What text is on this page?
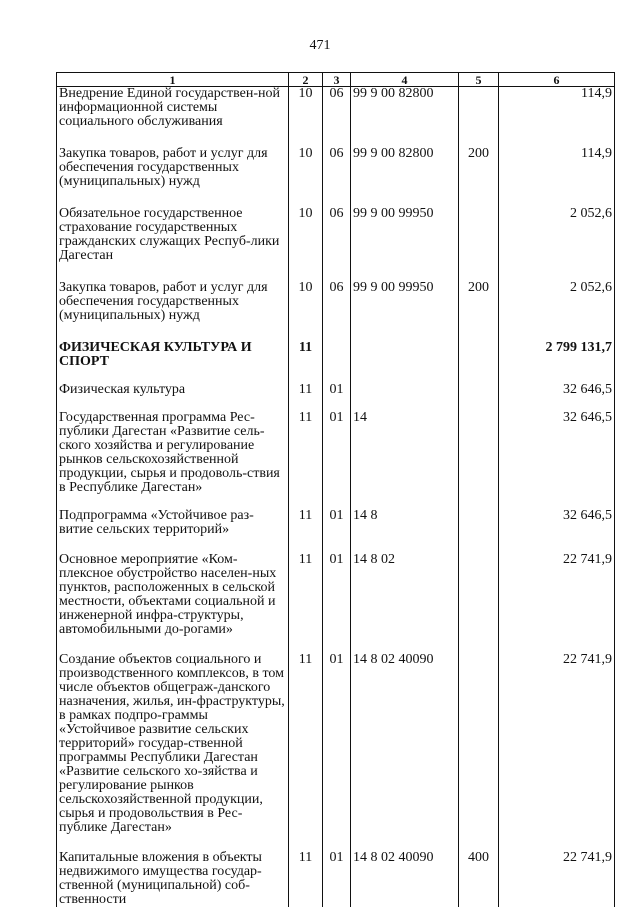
471
1	2	3	4	5	6
Внедрение Единой государствен-ной информационной системы социального обслуживания	10	06	99 9 00 82800		114,9
Закупка товаров, работ и услуг для обеспечения государственных (муниципальных) нужд	10	06	99 9 00 82800	200	114,9
Обязательное государственное страхование государственных гражданских служащих Респуб-лики Дагестан	10	06	99 9 00 99950		2 052,6
Закупка товаров, работ и услуг для обеспечения государственных (муниципальных) нужд	10	06	99 9 00 99950	200	2 052,6
ФИЗИЧЕСКАЯ КУЛЬТУРА И СПОРТ	11				2 799 131,7
Физическая культура	11	01			32 646,5
Государственная программа Рес-публики Дагестан «Развитие сель-ского хозяйства и регулирование рынков сельскохозяйственной продукции, сырья и продоволь-ствия в Республике Дагестан»	11	01	14		32 646,5
Подпрограмма «Устойчивое раз-витие сельских территорий»	11	01	14 8		32 646,5
Основное мероприятие «Ком-плексное обустройство населен-ных пунктов, расположенных в сельской местности, объектами социальной и инженерной инфра-структуры, автомобильными до-рогами»	11	01	14 8 02		22 741,9
Создание объектов социального и производственного комплексов, в том числе объектов общеграж-данского назначения, жилья, ин-фраструктуры, в рамках подпро-граммы «Устойчивое развитие сельских территорий» государ-ственной программы Республики Дагестан «Развитие сельского хо-зяйства и регулирование рынков сельскохозяйственной продукции, сырья и продовольствия в Рес-публике Дагестан»	11	01	14 8 02 40090		22 741,9
Капитальные вложения в объекты недвижимого имущества государ-ственной (муниципальной) соб-ственности	11	01	14 8 02 40090	400	22 741,9
